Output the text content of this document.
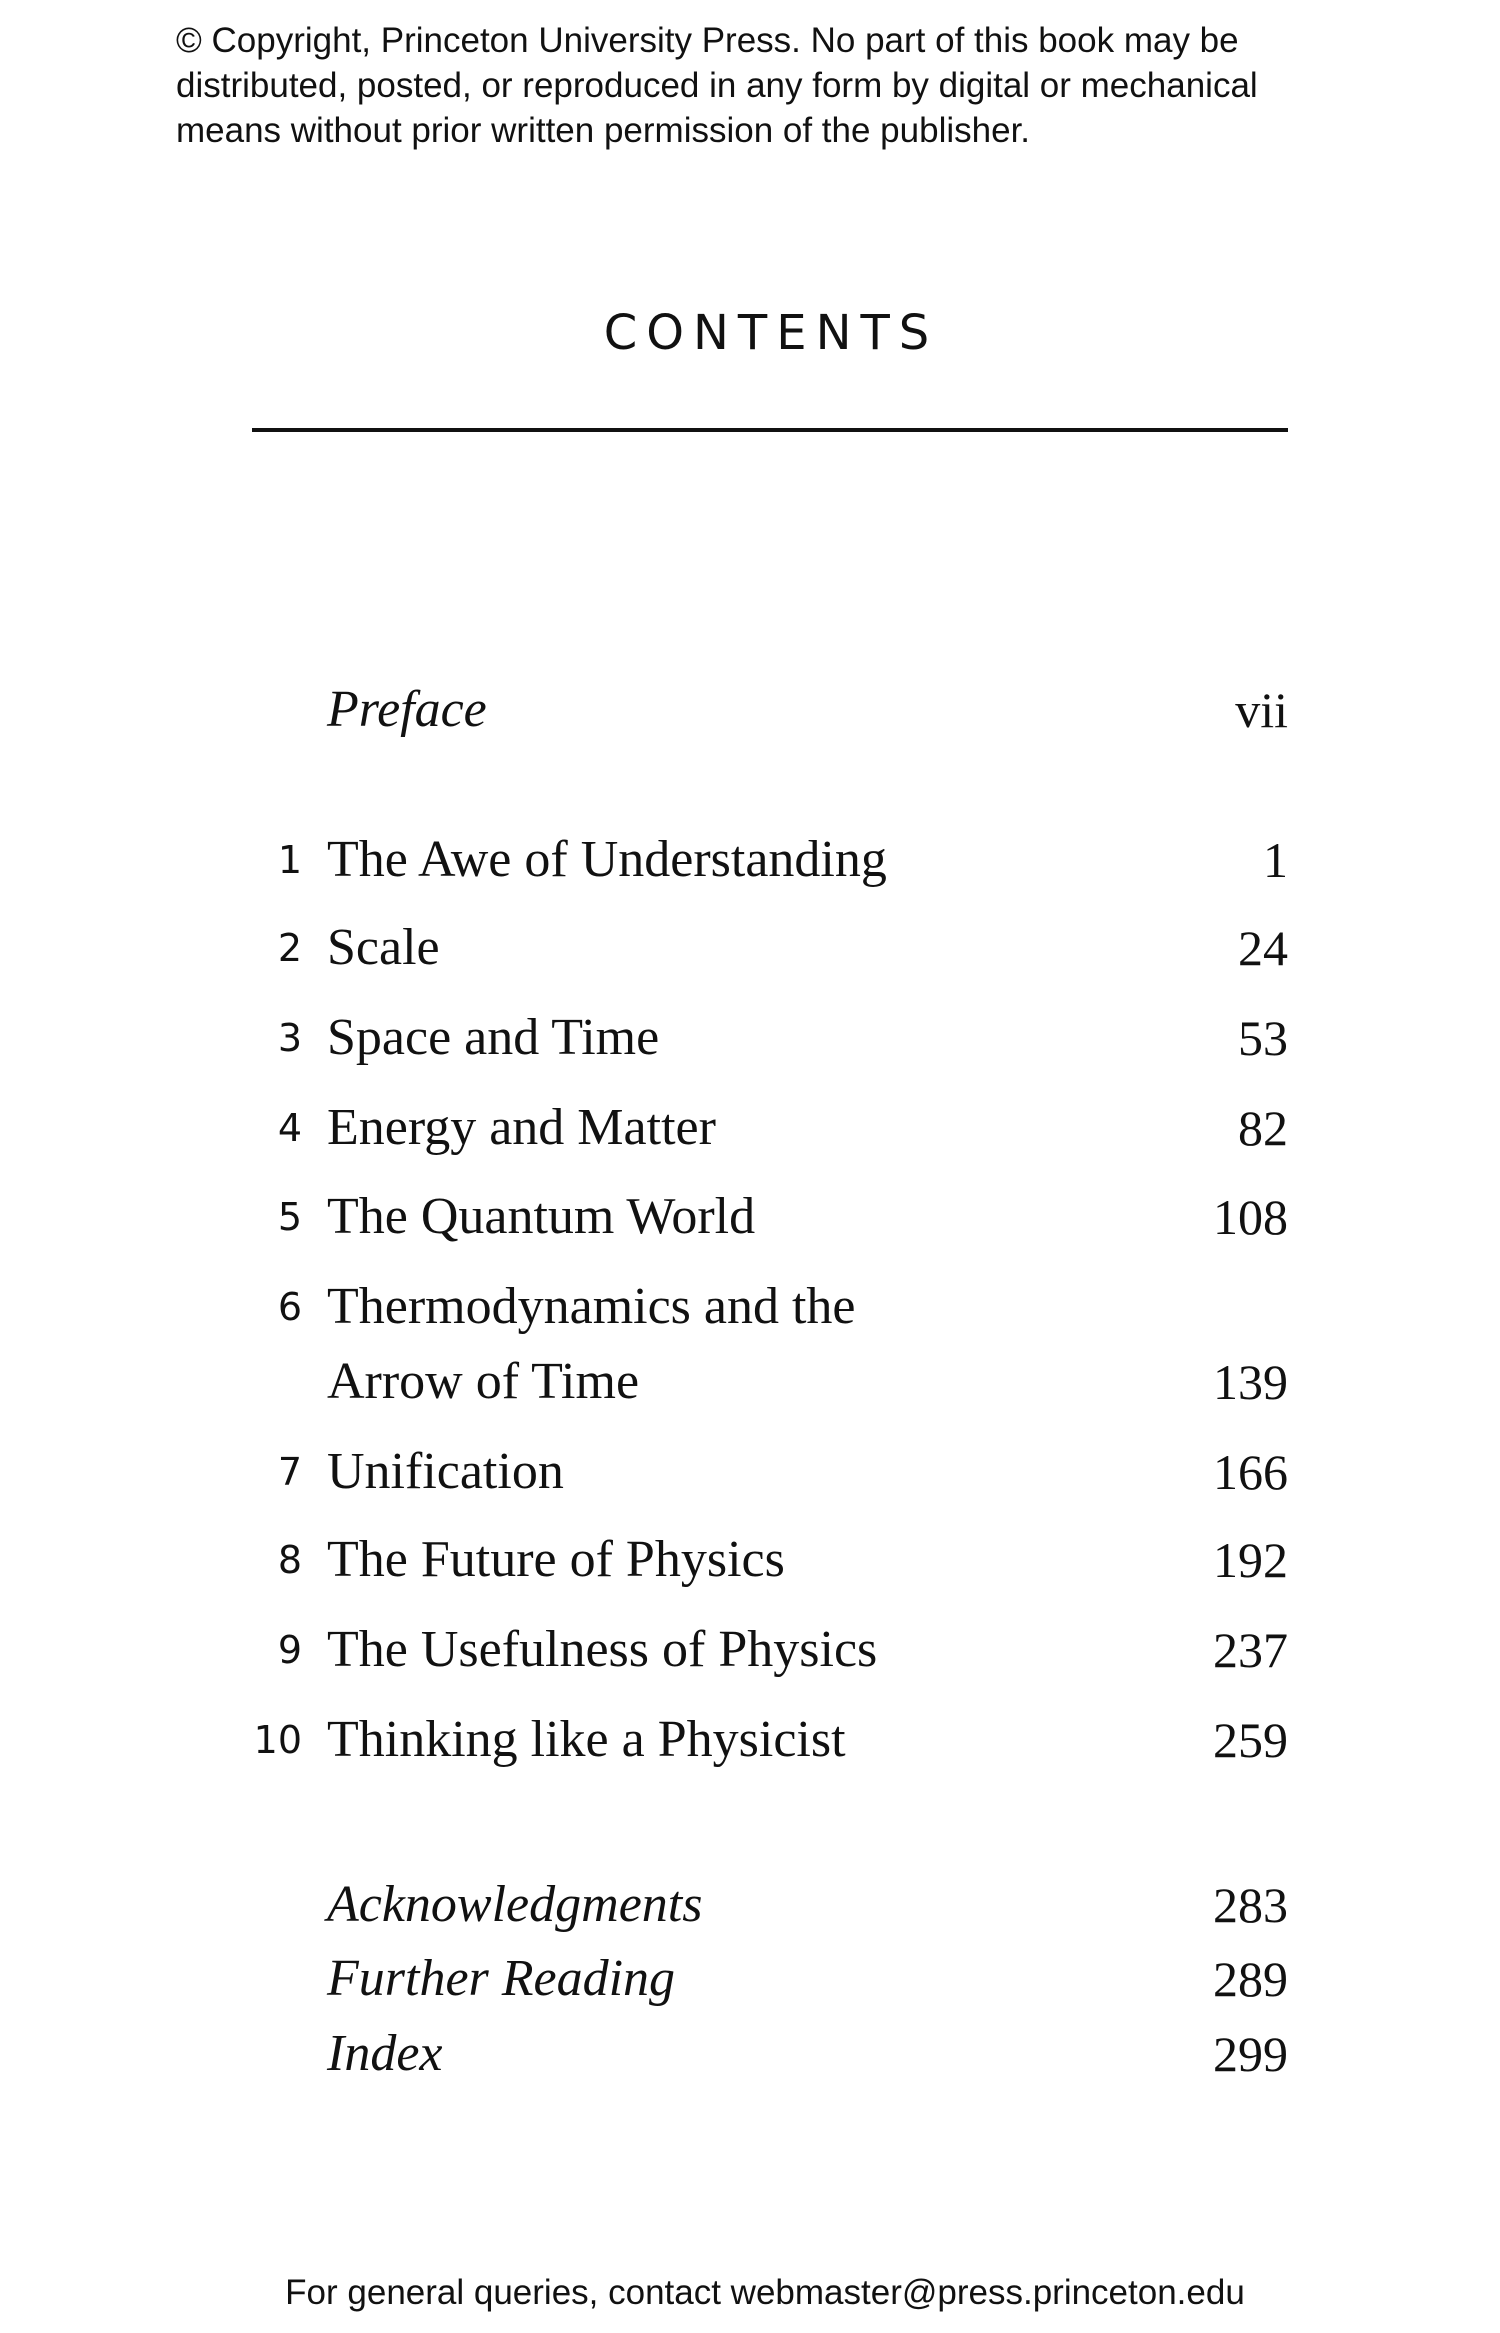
© Copyright, Princeton University Press. No part of this book may be
distributed, posted, or reproduced in any form by digital or mechanical
means without prior written permission of the publisher.
CONTENTS
Preface	vii
1 The Awe of Understanding	1
2 Scale	24
3 Space and Time	53
4 Energy and Matter	82
5 The Quantum World	108
6 Thermodynamics and the
Arrow of Time	139
7 Unification	166
8 The Future of Physics	192
9 The Usefulness of Physics	237
10 Thinking like a Physicist	259
Acknowledgments	283
Further Reading	289
Index	299
For general queries, contact webmaster@press.princeton.edu
